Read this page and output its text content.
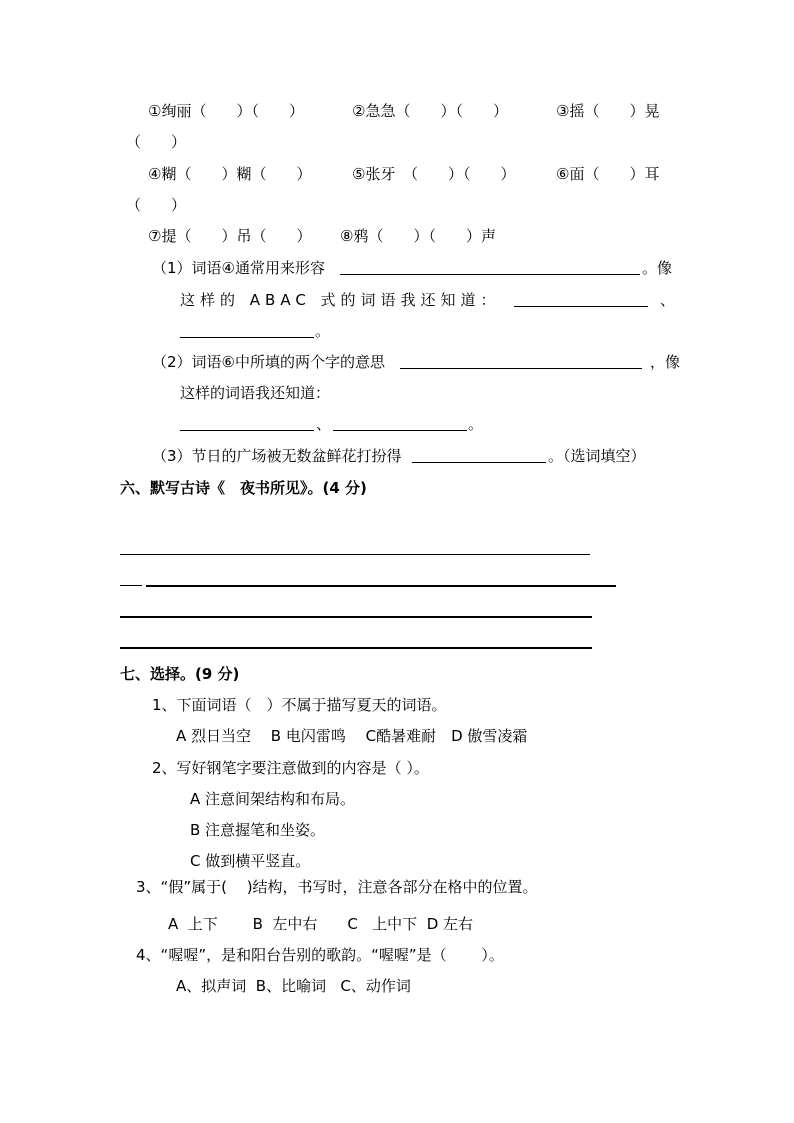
①绚丽（　　）（　　）	②急急（　　）（　　）	③摇（　　）晃
（　　）
④糊（　　）糊（　　）	⑤张牙　（　　）（　　）	⑥面（　　）耳
（　　）
⑦提（　　）吊（　　） ⑧鸦（　　）（　　）声
（1）词语④通常用来形容	。像
这样的 ABAC 式的词语我还知道：	、
。
（2）词语⑥中所填的两个字的意思	，像
这样的词语我还知道：
、	。
（3）节日的广场被无数盆鲜花打扮得	。（选词填空）
六、默写古诗《　夜书所见》。(4 分)
七、选择。(9 分)
1、下面词语（　）不属于描写夏天的词语。
A 烈日当空　 B 电闪雷鸣　 C酷暑难耐　D 傲雪凌霜
2、写好钢笔字要注意做到的内容是（ ）。
A 注意间架结构和布局。
B 注意握笔和坐姿。
C 做到横平竖直。
3、“假”属于(　 )结构，书写时，注意各部分在格中的位置。
A  上下　　 B  左中右　　C   上中下  D 左右
4、“喔喔”，是和阳台告别的歌韵。“喔喔”是（　　 ）。
A、拟声词  B、比喻词   C、动作词
